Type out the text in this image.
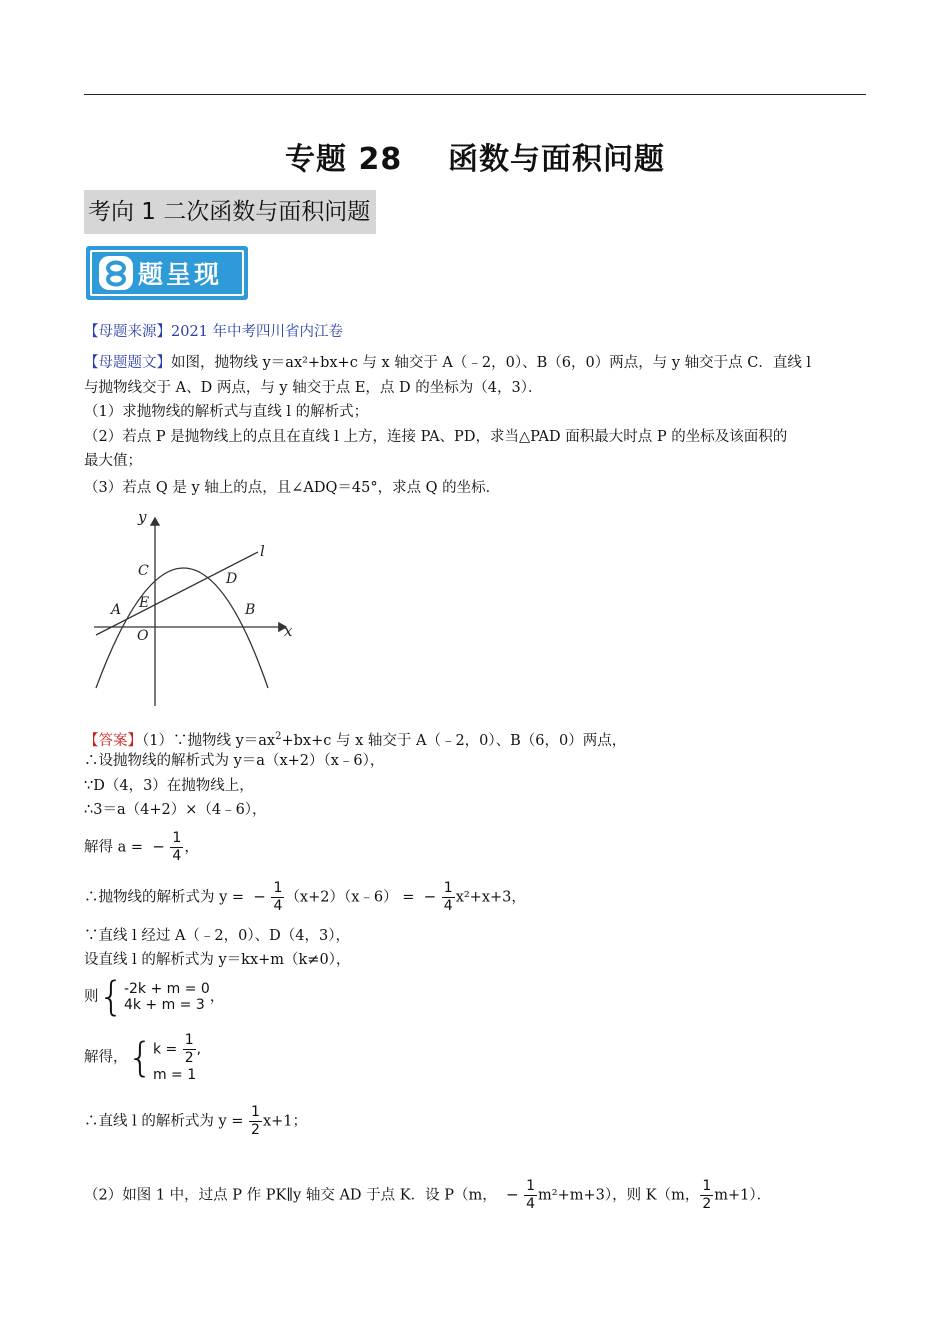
专题 28    函数与面积问题
考向 1 二次函数与面积问题
题呈现
【母题来源】2021 年中考四川省内江卷
【母题题文】如图，抛物线 y＝ax²+bx+c 与 x 轴交于 A（﹣2，0）、B（6，0）两点，与 y 轴交于点 C．直线 l
与抛物线交于 A、D 两点，与 y 轴交于点 E，点 D 的坐标为（4，3）．
（1）求抛物线的解析式与直线 l 的解析式；
（2）若点 P 是抛物线上的点且在直线 l 上方，连接 PA、PD，求当△PAD 面积最大时点 P 的坐标及该面积的
最大值；
（3）若点 Q 是 y 轴上的点，且∠ADQ＝45°，求点 Q 的坐标．
y
x
l
C	D
A E
O
B
【答案】（1）∵抛物线 $y=ax^2+bx+c$ 与 x 轴交于 A（﹣2，0）、B（6，0）两点，
∴设抛物线的解析式为 y＝a（x+2）（x﹣6），
∵D（4，3）在抛物线上，
∴3＝a（4+2）×（4﹣6），
解得 a =  − $\frac{1}{4}$ ，
∴抛物线的解析式为 y =  − $\frac{1}{4}$ （x+2）（x﹣6） =  − $\frac{1}{4} x^2+x+3$，
∵直线 l 经过 A（﹣2，0）、D（4，3），
设直线 l 的解析式为 y＝kx+m（k≠0），
则 { -2k + m = 0
4k + m = 3 ，
解得， { $k = \frac{1}{2}$ ,
m = 1
∴直线 l 的解析式为 $y = \frac{1}{2} x+1$；
（2）如图 1 中，过点 P 作 PK∥y 轴交 AD 于点 K．设 P（m， − $\frac{1}{4} m^2+m+3$），则 K（m， $\frac{1}{2} m+1$）．
